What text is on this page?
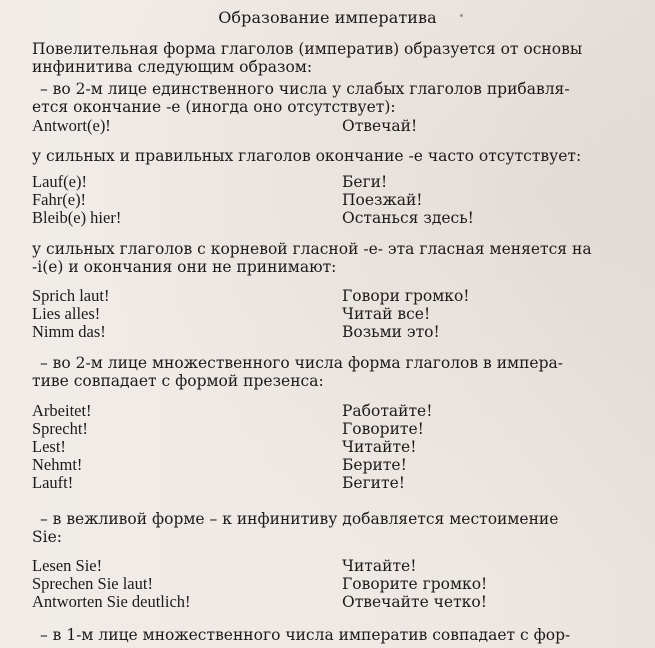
Образование императива
Повелительная форма глаголов (императив) образуется от основы
инфинитива следующим образом:
– во 2-м лице единственного числа у слабых глаголов прибавля-
ется окончание -е (иногда оно отсутствует):
Antwort(e)!	Отвечай!
у сильных и правильных глаголов окончание -е часто отсутствует:
Lauf(e)!	Беги!
Fahr(e)!	Поезжай!
Bleib(e) hier!	Останься здесь!
у сильных глаголов с корневой гласной -е- эта гласная меняется на
-i(e) и окончания они не принимают:
Sprich laut!	Говори громко!
Lies alles!	Читай все!
Nimm das!	Возьми это!
– во 2-м лице множественного числа форма глаголов в импера-
тиве совпадает с формой презенса:
Arbeitet!	Работайте!
Sprecht!	Говорите!
Lest!	Читайте!
Nehmt!	Берите!
Lauft!	Бегите!
– в вежливой форме – к инфинитиву добавляется местоимение
Sie:
Lesen Sie!	Читайте!
Sprechen Sie laut!	Говорите громко!
Antworten Sie deutlich!	Отвечайте четко!
– в 1-м лице множественного числа императив совпадает с фор-
